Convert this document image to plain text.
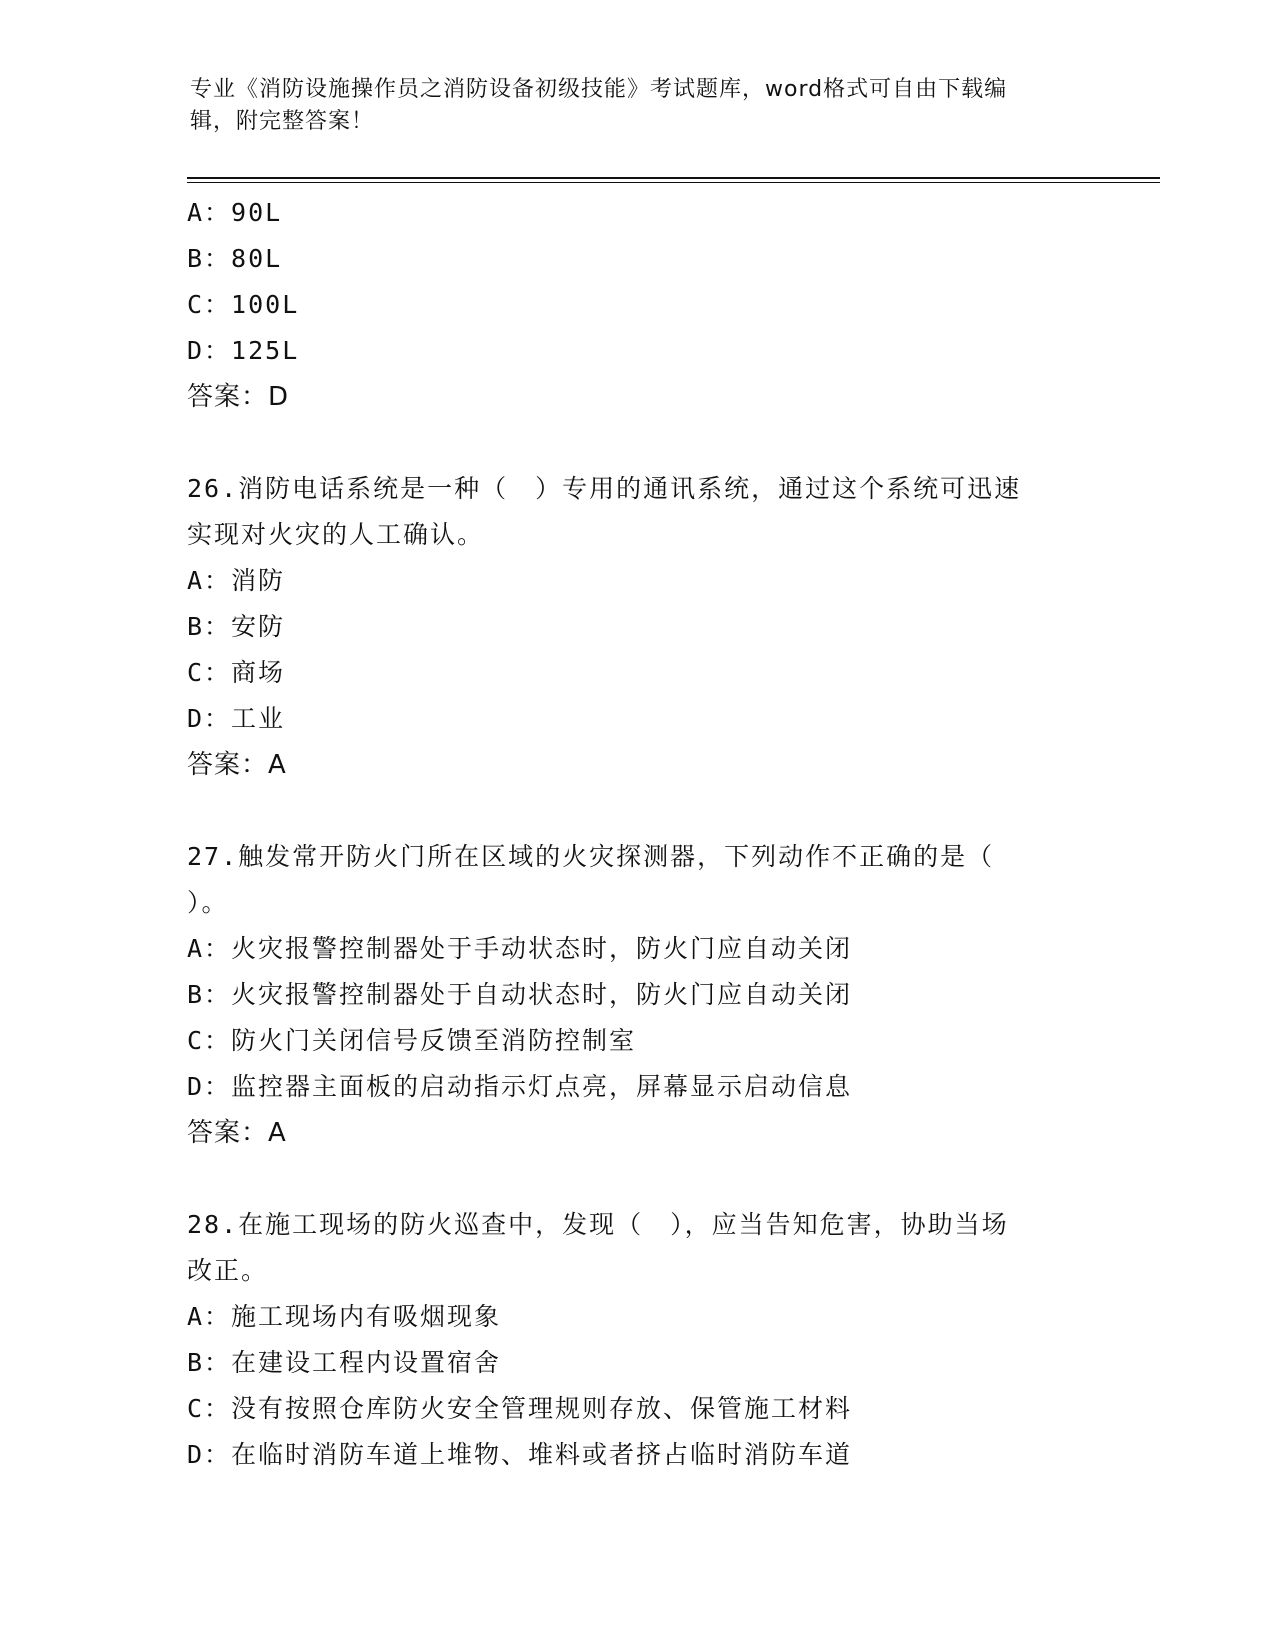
专业《消防设施操作员之消防设备初级技能》考试题库，word格式可自由下载编
辑，附完整答案！
A：90L
B：80L
C：100L
D：125L
答案：D
26.消防电话系统是一种（　）专用的通讯系统，通过这个系统可迅速
实现对火灾的人工确认。
A：消防
B：安防
C：商场
D：工业
答案：A
27.触发常开防火门所在区域的火灾探测器，下列动作不正确的是（
）。
A：火灾报警控制器处于手动状态时，防火门应自动关闭
B：火灾报警控制器处于自动状态时，防火门应自动关闭
C：防火门关闭信号反馈至消防控制室
D：监控器主面板的启动指示灯点亮，屏幕显示启动信息
答案：A
28.在施工现场的防火巡查中，发现（　），应当告知危害，协助当场
改正。
A：施工现场内有吸烟现象
B：在建设工程内设置宿舍
C：没有按照仓库防火安全管理规则存放、保管施工材料
D：在临时消防车道上堆物、堆料或者挤占临时消防车道
